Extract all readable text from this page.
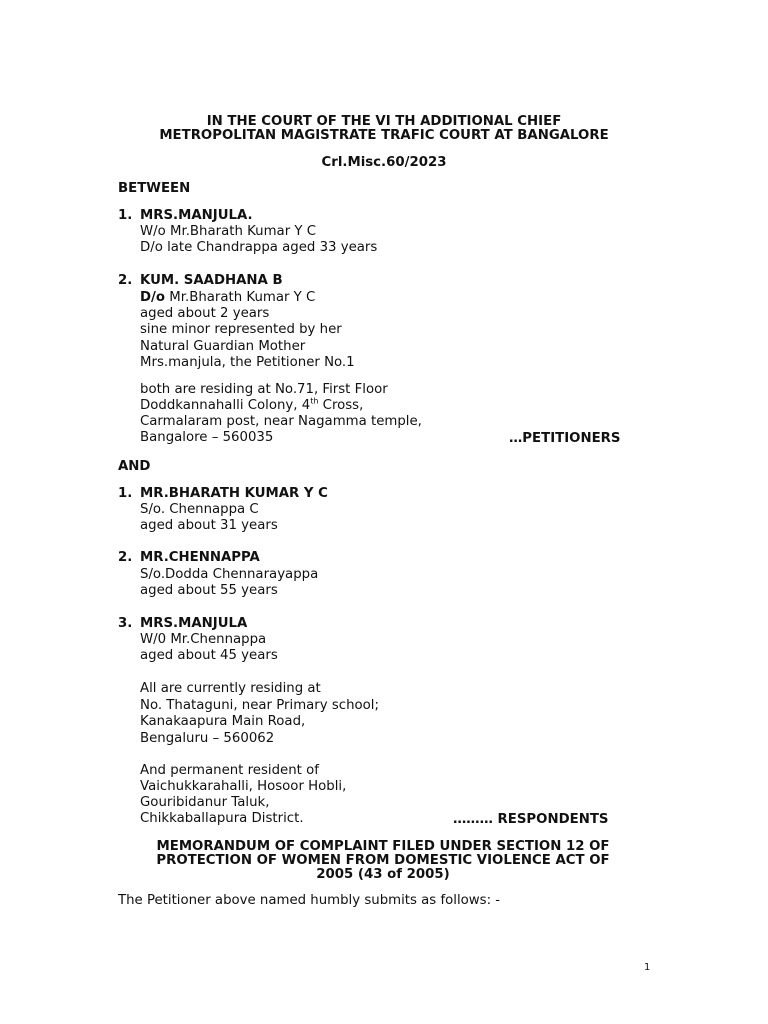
IN THE COURT OF THE VI TH ADDITIONAL CHIEF
METROPOLITAN MAGISTRATE TRAFIC COURT AT BANGALORE
Crl.Misc.60/2023
BETWEEN
1. MRS.MANJULA.
W/o Mr.Bharath Kumar Y C
D/o late Chandrappa aged 33 years
2. KUM. SAADHANA B
D/o Mr.Bharath Kumar Y C
aged about 2 years
sine minor represented by her
Natural Guardian Mother
Mrs.manjula, the Petitioner No.1
both are residing at No.71, First Floor
Doddkannahalli Colony, 4th Cross,
Carmalaram post, near Nagamma temple,
Bangalore – 560035	…PETITIONERS
AND
1. MR.BHARATH KUMAR Y C
S/o. Chennappa C
aged about 31 years
2. MR.CHENNAPPA
S/o.Dodda Chennarayappa
aged about 55 years
3. MRS.MANJULA
W/0 Mr.Chennappa
aged about 45 years
All are currently residing at
No. Thataguni, near Primary school;
Kanakaapura Main Road,
Bengaluru – 560062
And permanent resident of
Vaichukkarahalli, Hosoor Hobli,
Gouribidanur Taluk,
Chikkaballapura District.	……… RESPONDENTS
MEMORANDUM OF COMPLAINT FILED UNDER SECTION 12 OF
PROTECTION OF WOMEN FROM DOMESTIC VIOLENCE ACT OF
2005 (43 of 2005)
The Petitioner above named humbly submits as follows: -
1
